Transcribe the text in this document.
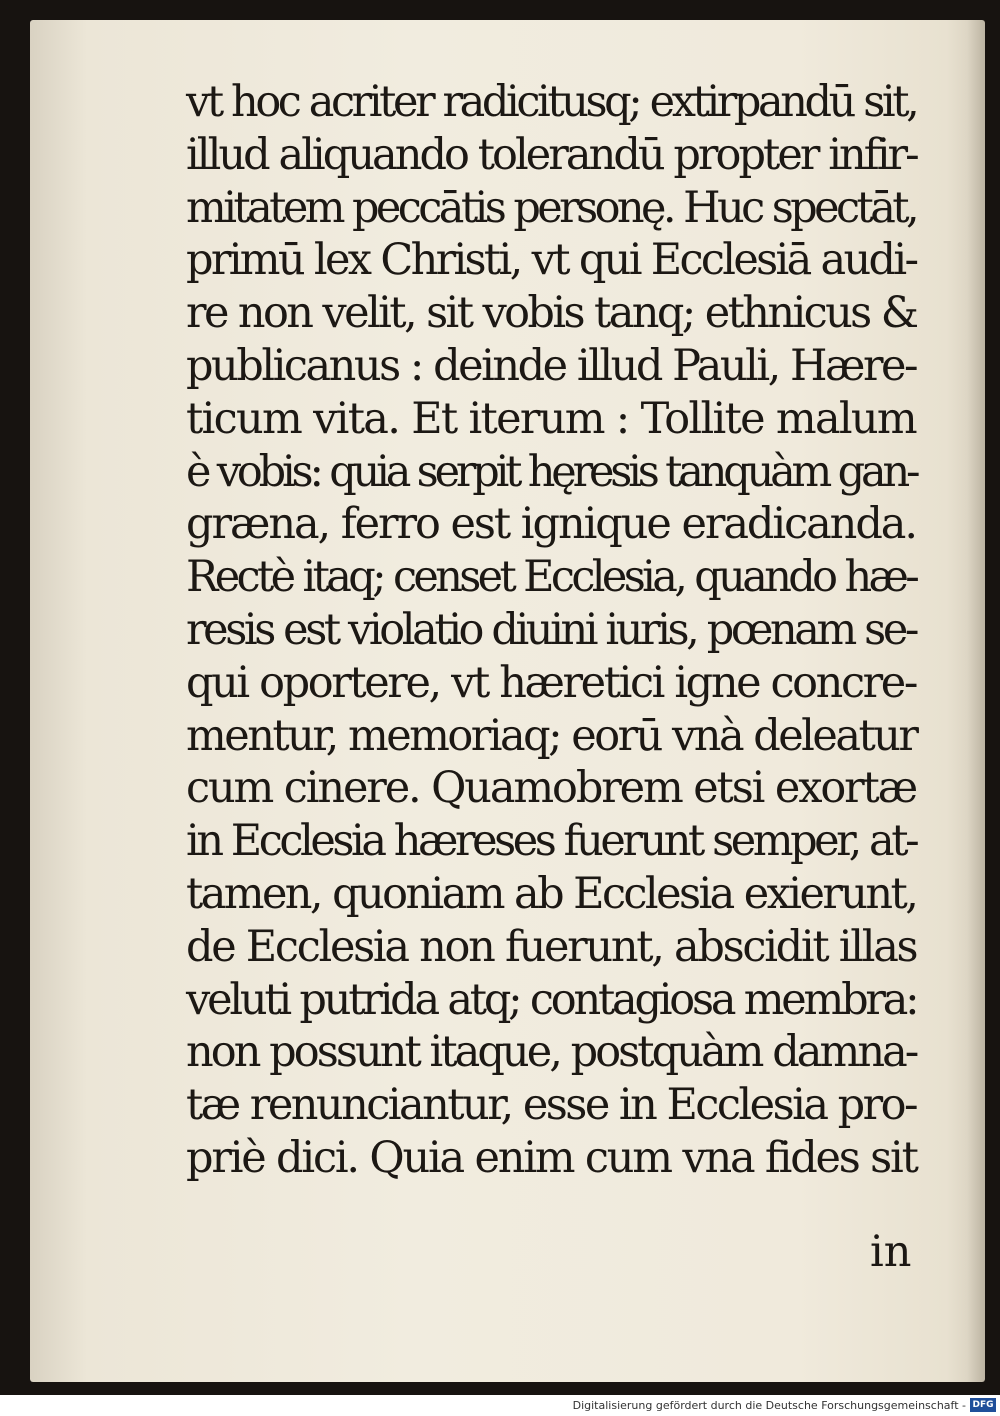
vt hoc acriter radicitusq; extirpandū sit,
illud aliquando tolerandū propter infir-
mitatem peccātis personę. Huc spectāt,
primū lex Christi, vt qui Ecclesiā audi-
re non velit, sit vobis tanq; ethnicus &
publicanus : deinde illud Pauli, Hære-
ticum vita. Et iterum : Tollite malum
è vobis: quia serpit hęresis tanquàm gan-
græna, ferro est ignique eradicanda.
Rectè itaq; censet Ecclesia, quando hæ-
resis est violatio diuini iuris, pœnam se-
qui oportere, vt hæretici igne concre-
mentur, memoriaq; eorū vnà deleatur
cum cinere. Quamobrem etsi exortæ
in Ecclesia hæreses fuerunt semper, at-
tamen, quoniam ab Ecclesia exierunt,
de Ecclesia non fuerunt, abscidit illas
veluti putrida atq; contagiosa membra:
non possunt itaque, postquàm damna-
tæ renunciantur, esse in Ecclesia pro-
priè dici. Quia enim cum vna fides sit
in
Digitalisierung gefördert durch die Deutsche Forschungsgemeinschaft - DFG
